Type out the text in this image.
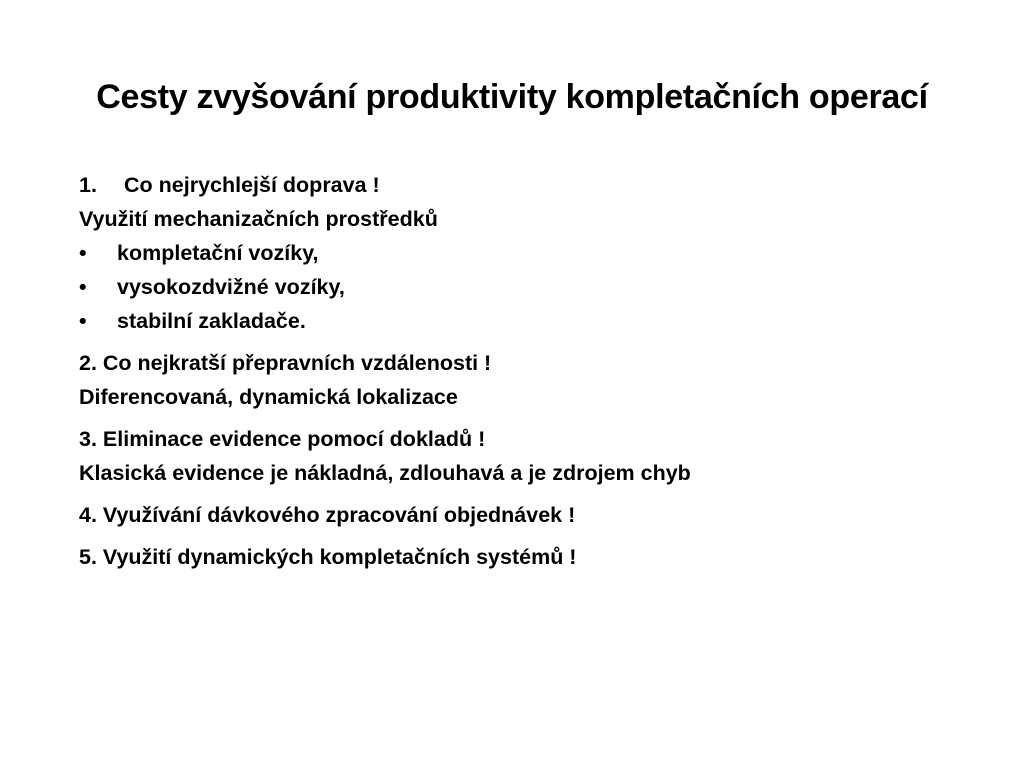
Cesty zvyšování produktivity kompletačních operací
1. Co nejrychlejší doprava !
Využití mechanizačních prostředků
• kompletační vozíky,
• vysokozdvižné vozíky,
• stabilní zakladače.
2. Co nejkratší přepravních vzdálenosti !
Diferencovaná, dynamická lokalizace
3. Eliminace evidence pomocí dokladů !
Klasická evidence je nákladná, zdlouhavá a je zdrojem chyb
4. Využívání dávkového zpracování objednávek !
5. Využití dynamických kompletačních systémů !
